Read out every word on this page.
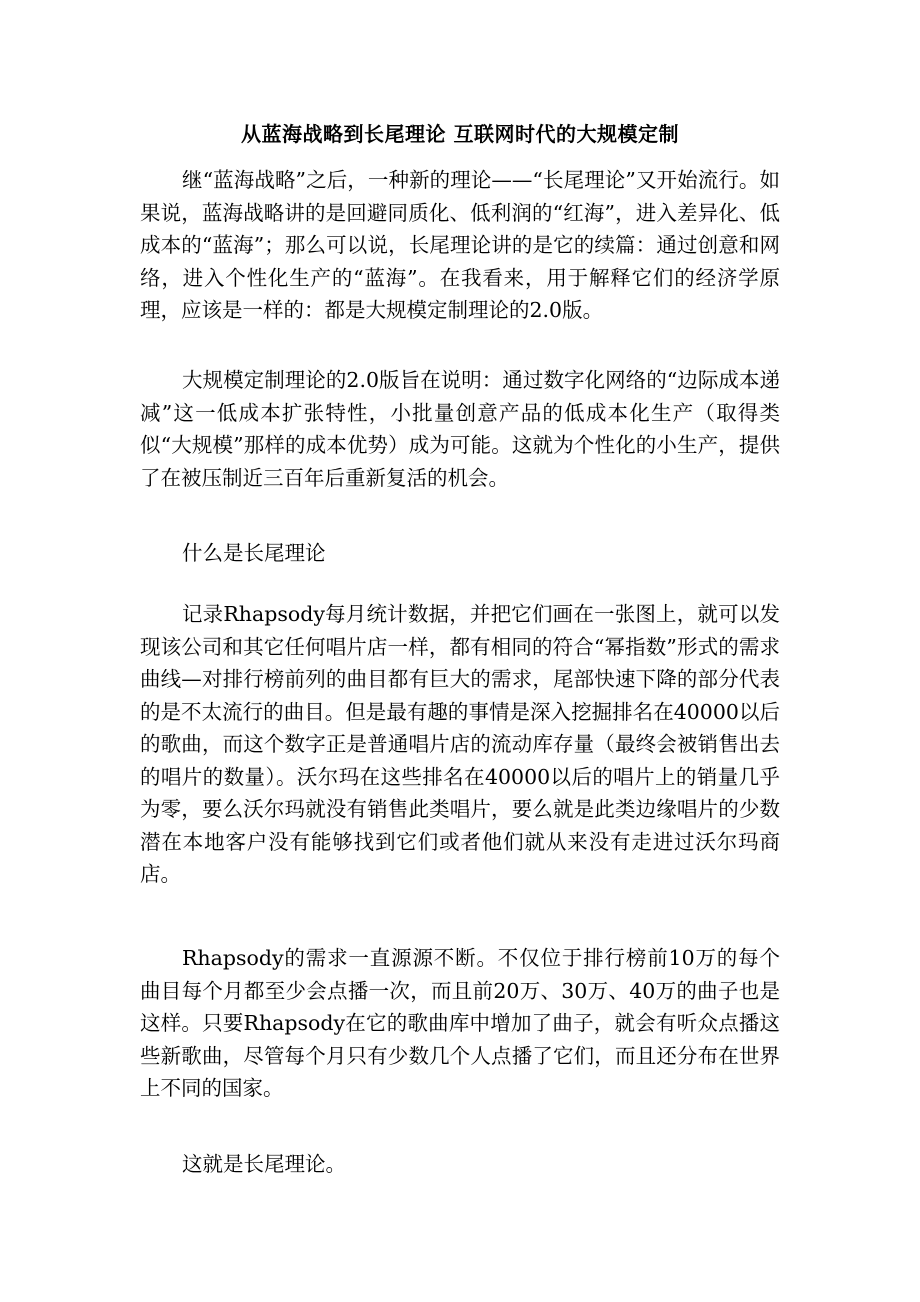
从蓝海战略到长尾理论 互联网时代的大规模定制
继“蓝海战略”之后，一种新的理论——“长尾理论”又开始流行。如果说，蓝海战略讲的是回避同质化、低利润的“红海”，进入差异化、低成本的“蓝海”；那么可以说，长尾理论讲的是它的续篇：通过创意和网络，进入个性化生产的“蓝海”。在我看来，用于解释它们的经济学原理，应该是一样的：都是大规模定制理论的2.0版。
大规模定制理论的2.0版旨在说明：通过数字化网络的“边际成本递减”这一低成本扩张特性，小批量创意产品的低成本化生产（取得类似“大规模”那样的成本优势）成为可能。这就为个性化的小生产，提供了在被压制近三百年后重新复活的机会。
什么是长尾理论
记录Rhapsody每月统计数据，并把它们画在一张图上，就可以发现该公司和其它任何唱片店一样，都有相同的符合“幂指数”形式的需求曲线—对排行榜前列的曲目都有巨大的需求，尾部快速下降的部分代表的是不太流行的曲目。但是最有趣的事情是深入挖掘排名在40000以后的歌曲，而这个数字正是普通唱片店的流动库存量（最终会被销售出去的唱片的数量）。沃尔玛在这些排名在40000以后的唱片上的销量几乎为零，要么沃尔玛就没有销售此类唱片，要么就是此类边缘唱片的少数潜在本地客户没有能够找到它们或者他们就从来没有走进过沃尔玛商店。
Rhapsody的需求一直源源不断。不仅位于排行榜前10万的每个曲目每个月都至少会点播一次，而且前20万、30万、40万的曲子也是这样。只要Rhapsody在它的歌曲库中增加了曲子，就会有听众点播这些新歌曲，尽管每个月只有少数几个人点播了它们，而且还分布在世界上不同的国家。
这就是长尾理论。
